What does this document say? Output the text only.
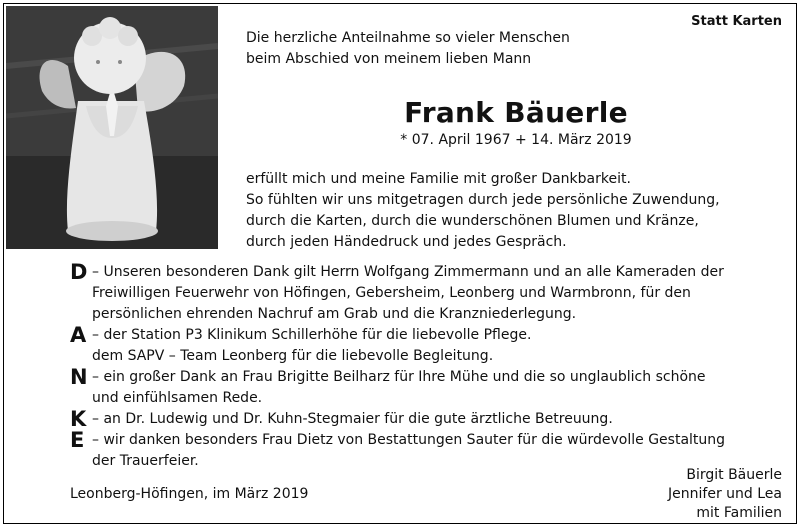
Statt Karten
Die herzliche Anteilnahme so vieler Menschen
beim Abschied von meinem lieben Mann
Frank Bäuerle
* 07. April 1967 + 14. März 2019
erfüllt mich und meine Familie mit großer Dankbarkeit.
So fühlten wir uns mitgetragen durch jede persönliche Zuwendung,
durch die Karten, durch die wunderschönen Blumen und Kränze,
durch jeden Händedruck und jedes Gespräch.
D – Unseren besonderen Dank gilt Herrn Wolfgang Zimmermann und an alle Kameraden der
Freiwilligen Feuerwehr von Höfingen, Gebersheim, Leonberg und Warmbronn, für den
persönlichen ehrenden Nachruf am Grab und die Kranzniederlegung.
A – der Station P3 Klinikum Schillerhöhe für die liebevolle Pflege.
dem SAPV – Team Leonberg für die liebevolle Begleitung.
N – ein großer Dank an Frau Brigitte Beilharz für Ihre Mühe und die so unglaublich schöne
und einfühlsamen Rede.
K – an Dr. Ludewig und Dr. Kuhn-Stegmaier für die gute ärztliche Betreuung.
E – wir danken besonders Frau Dietz von Bestattungen Sauter für die würdevolle Gestaltung
der Trauerfeier.
Leonberg-Höfingen, im März 2019
Birgit Bäuerle
Jennifer und Lea
mit Familien
